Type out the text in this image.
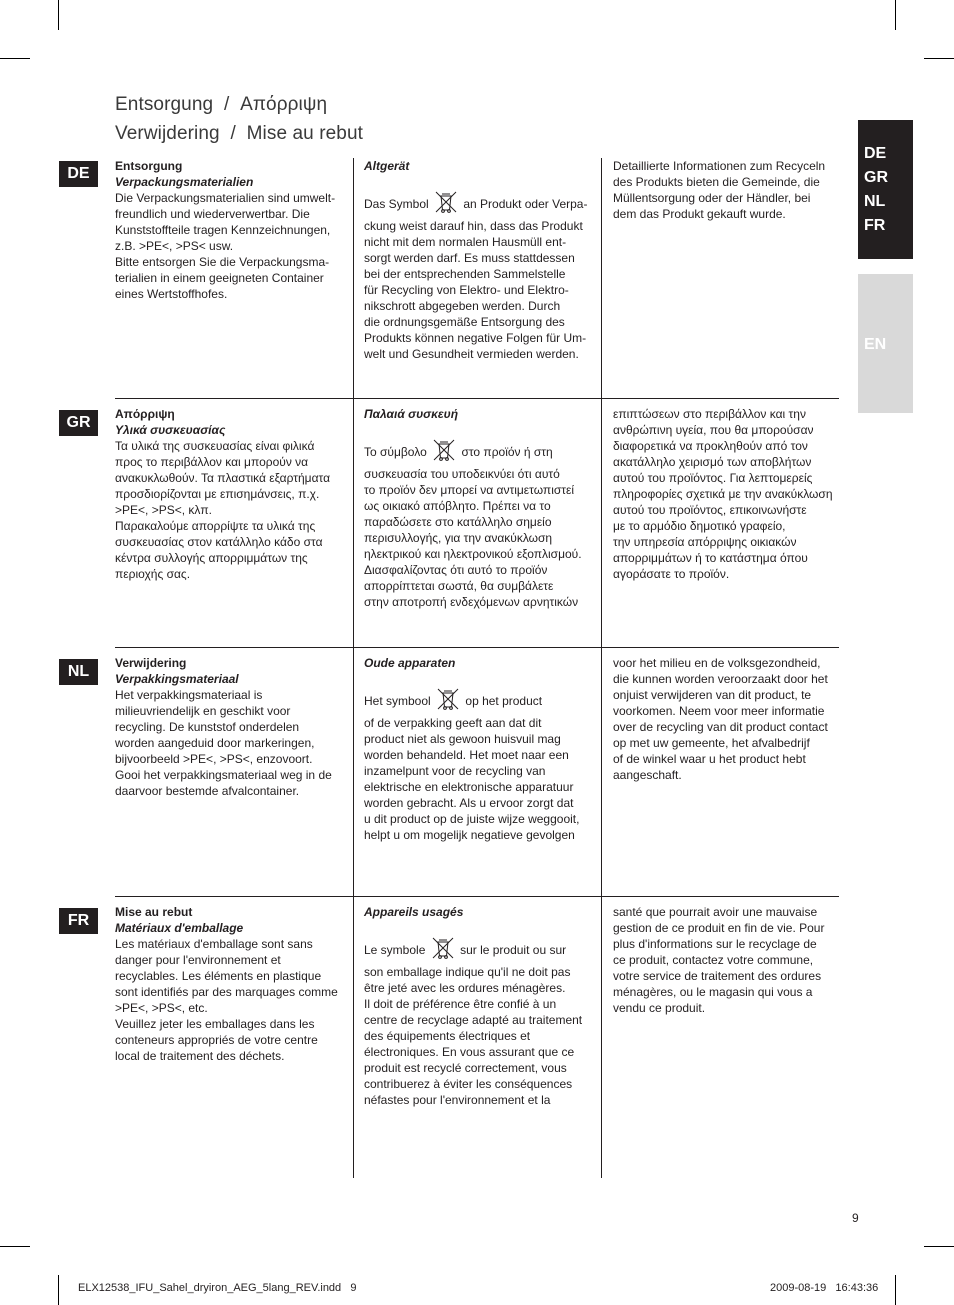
Entsorgung  /  Απόρριψη
Verwijdering  /  Mise au rebut
DE
GR
NL
FR
EN
DE	Entsorgung

Verpackungsmaterialien

Die Verpackungsmaterialien sind umwelt-

freundlich und wiederverwertbar. Die

Kunststoffteile tragen Kennzeichnungen,

z.B. >PE<, >PS< usw.

Bitte entsorgen Sie die Verpackungsma-

terialien in einem geeigneten Container

eines Wertstoffhofes.

Altgerät

Das Symbol	an Produkt oder Verpa-

ckung weist darauf hin, dass das Produkt

nicht mit dem normalen Hausmüll ent-

sorgt werden darf. Es muss stattdessen

bei der entsprechenden Sammelstelle

für Recycling von Elektro- und Elektro-

nikschrott abgegeben werden. Durch

die ordnungsgemäße Entsorgung des

Produkts können negative Folgen für Um-

welt und Gesundheit vermieden werden.

Detaillierte Informationen zum Recyceln

des Produkts bieten die Gemeinde, die

Müllentsorgung oder der Händler, bei

dem das Produkt gekauft wurde.

GR	Απόρριψη

Υλικά συσκευασίας

Τα υλικά της συσκευασίας είναι φιλικά

προς το περιβάλλον και μπορούν να

ανακυκλωθούν. Τα πλαστικά εξαρτήματα

προσδιορίζονται με επισημάνσεις, π.χ.

>PE<, >PS<, κλπ.

Παρακαλούμε απορρίψτε τα υλικά της

συσκευασίας στον κατάλληλο κάδο στα

κέντρα συλλογής απορριμμάτων της

περιοχής σας.

Παλαιά συσκευή

Το σύμβολο	στο προϊόν ή στη

συσκευασία του υποδεικνύει ότι αυτό

το προϊόν δεν μπορεί να αντιμετωπιστεί

ως οικιακό απόβλητο. Πρέπει να το

παραδώσετε στο κατάλληλο σημείο

περισυλλογής, για την ανακύκλωση

ηλεκτρικού και ηλεκτρονικού εξοπλισμού.

Διασφαλίζοντας ότι αυτό το προϊόν

απορρίπτεται σωστά, θα συμβάλετε

στην αποτροπή ενδεχόμενων αρνητικών

επιπτώσεων στο περιβάλλον και την

ανθρώπινη υγεία, που θα μπορούσαν

διαφορετικά να προκληθούν από τον

ακατάλληλο χειρισμό των αποβλήτων

αυτού του προϊόντος. Για λεπτομερείς

πληροφορίες σχετικά με την ανακύκλωση

αυτού του προϊόντος, επικοινωνήστε

με το αρμόδιο δημοτικό γραφείο,

την υπηρεσία απόρριψης οικιακών

απορριμμάτων ή το κατάστημα όπου

αγοράσατε το προϊόν.

NL	Verwijdering

Verpakkingsmateriaal

Het verpakkingsmateriaal is

milieuvriendelijk en geschikt voor

recycling. De kunststof onderdelen

worden aangeduid door markeringen,

bijvoorbeeld >PE<, >PS<, enzovoort.

Gooi het verpakkingsmateriaal weg in de

daarvoor bestemde afvalcontainer.

Oude apparaten

Het symbool	op het product

of de verpakking geeft aan dat dit

product niet als gewoon huisvuil mag

worden behandeld. Het moet naar een

inzamelpunt voor de recycling van

elektrische en elektronische apparatuur

worden gebracht. Als u ervoor zorgt dat

u dit product op de juiste wijze weggooit,

helpt u om mogelijk negatieve gevolgen

voor het milieu en de volksgezondheid,

die kunnen worden veroorzaakt door het

onjuist verwijderen van dit product, te

voorkomen. Neem voor meer informatie

over de recycling van dit product contact

op met uw gemeente, het afvalbedrijf

of de winkel waar u het product hebt

aangeschaft.

FR	Mise au rebut

Matériaux d'emballage

Les matériaux d'emballage sont sans

danger pour l'environnement et

recyclables. Les éléments en plastique

sont identifiés par des marquages comme

>PE<, >PS<, etc.

Veuillez jeter les emballages dans les

conteneurs appropriés de votre centre

local de traitement des déchets.

Appareils usagés

Le symbole	sur le produit ou sur

son emballage indique qu'il ne doit pas

être jeté avec les ordures ménagères.

Il doit de préférence être confié à un

centre de recyclage adapté au traitement

des équipements électriques et

électroniques. En vous assurant que ce

produit est recyclé correctement, vous

contribuerez à éviter les conséquences

néfastes pour l'environnement et la

santé que pourrait avoir une mauvaise

gestion de ce produit en fin de vie. Pour

plus d'informations sur le recyclage de

ce produit, contactez votre commune,

votre service de traitement des ordures

ménagères, ou le magasin qui vous a

vendu ce produit.

9
ELX12538_IFU_Sahel_dryiron_AEG_5lang_REV.indd   9	2009-08-19   16:43:36
